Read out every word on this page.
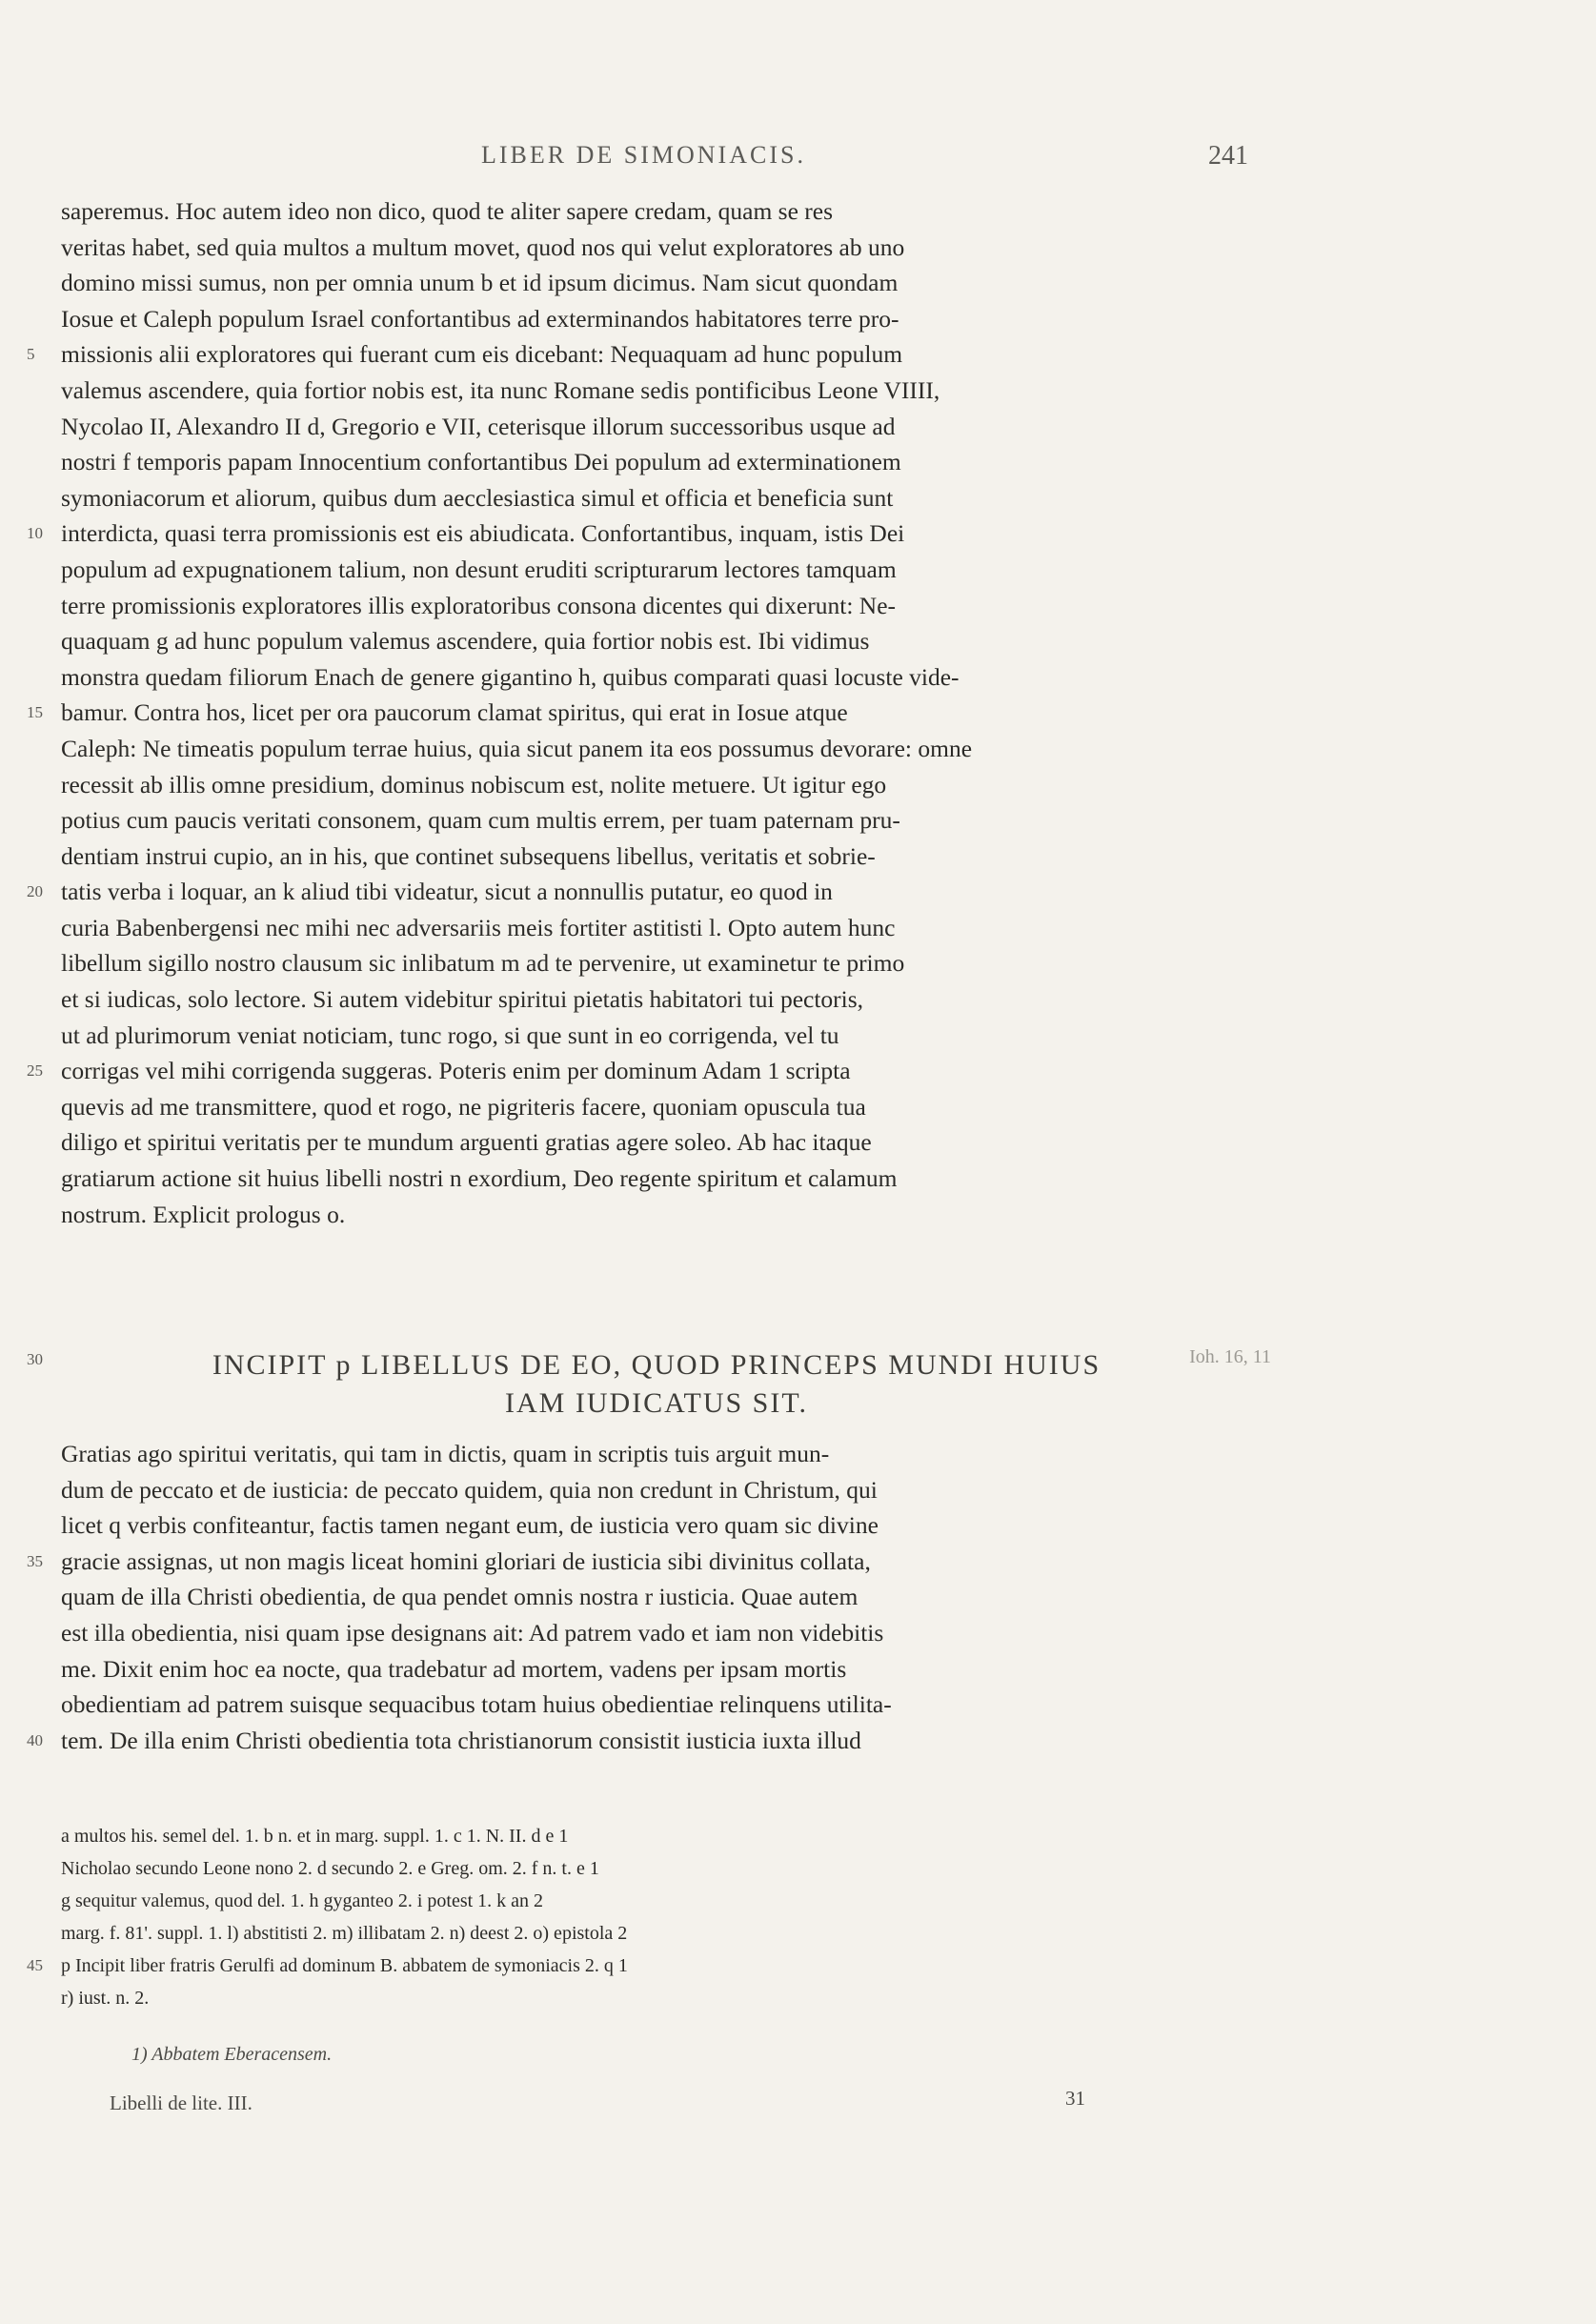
LIBER DE SIMONIACIS.	241
saperemus. Hoc autem ideo non dico, quod te aliter sapere credam, quam se res
veritas habet, sed quia multos a multum movet, quod nos qui velut exploratores ab uno
domino missi sumus, non per omnia unum b et id ipsum dicimus. Nam sicut quondam
Iosue et Caleph populum Israel confortantibus ad exterminandos habitatores terre pro-
5	missionis alii exploratores qui fuerant cum eis dicebant: Nequaquam ad hunc populum
valemus ascendere, quia fortior nobis est, ita nunc Romane sedis pontificibus Leone VIIII,
Nycolao II, Alexandro II d, Gregorio e VII, ceterisque illorum successoribus usque ad
nostri f temporis papam Innocentium confortantibus Dei populum ad exterminationem
symoniacorum et aliorum, quibus dum aecclesiastica simul et officia et beneficia sunt
10 interdicta, quasi terra promissionis est eis abiudicata. Confortantibus, inquam, istis Dei
populum ad expugnationem talium, non desunt eruditi scripturarum lectores tamquam
terre promissionis exploratores illis exploratoribus consona dicentes qui dixerunt: Ne-
quaquam g ad hunc populum valemus ascendere, quia fortior nobis est. Ibi vidimus
monstra quedam filiorum Enach de genere gigantino h, quibus comparati quasi locuste vide-
15 bamur. Contra hos, licet per ora paucorum clamat spiritus, qui erat in Iosue atque
Caleph: Ne timeatis populum terrae huius, quia sicut panem ita eos possumus devorare: omne
recessit ab illis omne presidium, dominus nobiscum est, nolite metuere. Ut igitur ego
potius cum paucis veritati consonem, quam cum multis errem, per tuam paternam pru-
dentiam instrui cupio, an in his, que continet subsequens libellus, veritatis et sobrie-
20 tatis verba i loquar, an k aliud tibi videatur, sicut a nonnullis putatur, eo quod in
curia Babenbergensi nec mihi nec adversariis meis fortiter astitisti l. Opto autem hunc
libellum sigillo nostro clausum sic inlibatum m ad te pervenire, ut examinetur te primo
et si iudicas, solo lectore. Si autem videbitur spiritui pietatis habitatori tui pectoris,
ut ad plurimorum veniat noticiam, tunc rogo, si que sunt in eo corrigenda, vel tu
25 corrigas vel mihi corrigenda suggeras. Poteris enim per dominum Adam 1 scripta
quevis ad me transmittere, quod et rogo, ne pigriteris facere, quoniam opuscula tua
diligo et spiritui veritatis per te mundum arguenti gratias agere soleo. Ab hac itaque
gratiarum actione sit huius libelli nostri n exordium, Deo regente spiritum et calamum
nostrum. Explicit prologus o.
30	INCIPIT p LIBELLUS DE EO, QUOD PRINCEPS MUNDI HUIUS
IAM IUDICATUS SIT.
Ioh. 16, 11
Gratias ago spiritui veritatis, qui tam in dictis, quam in scriptis tuis arguit mun-
dum de peccato et de iusticia: de peccato quidem, quia non credunt in Christum, qui
licet q verbis confiteantur, factis tamen negant eum, de iusticia vero quam sic divine
35 gracie assignas, ut non magis liceat homini gloriari de iusticia sibi divinitus collata,
quam de illa Christi obedientia, de qua pendet omnis nostra r iusticia. Quae autem
est illa obedientia, nisi quam ipse designans ait: Ad patrem vado et iam non videbitis
me. Dixit enim hoc ea nocte, qua tradebatur ad mortem, vadens per ipsam mortis
obedientiam ad patrem suisque sequacibus totam huius obedientiae relinquens utilita-
40 tem. De illa enim Christi obedientia tota christianorum consistit iusticia iuxta illud
a multos his. semel del. 1. b n. et in marg. suppl. 1. c 1. N. II. d e 1
Nicholao secundo Leone nono 2. d secundo 2. e Greg. om. 2. f n. t. e 1
g sequitur valemus, quod del. 1. h gyganteo 2. i potest 1. k an 2
marg. f. 81'. suppl. 1. l) abstitisti 2. m) illibatam 2. n) deest 2. o) epistola 2
45 p Incipit liber fratris Gerulfi ad dominum B. abbatem de symoniacis 2. q 1
r) iust. n. 2.
1) Abbatem Eberacensem.
Libelli de lite. III.	31
